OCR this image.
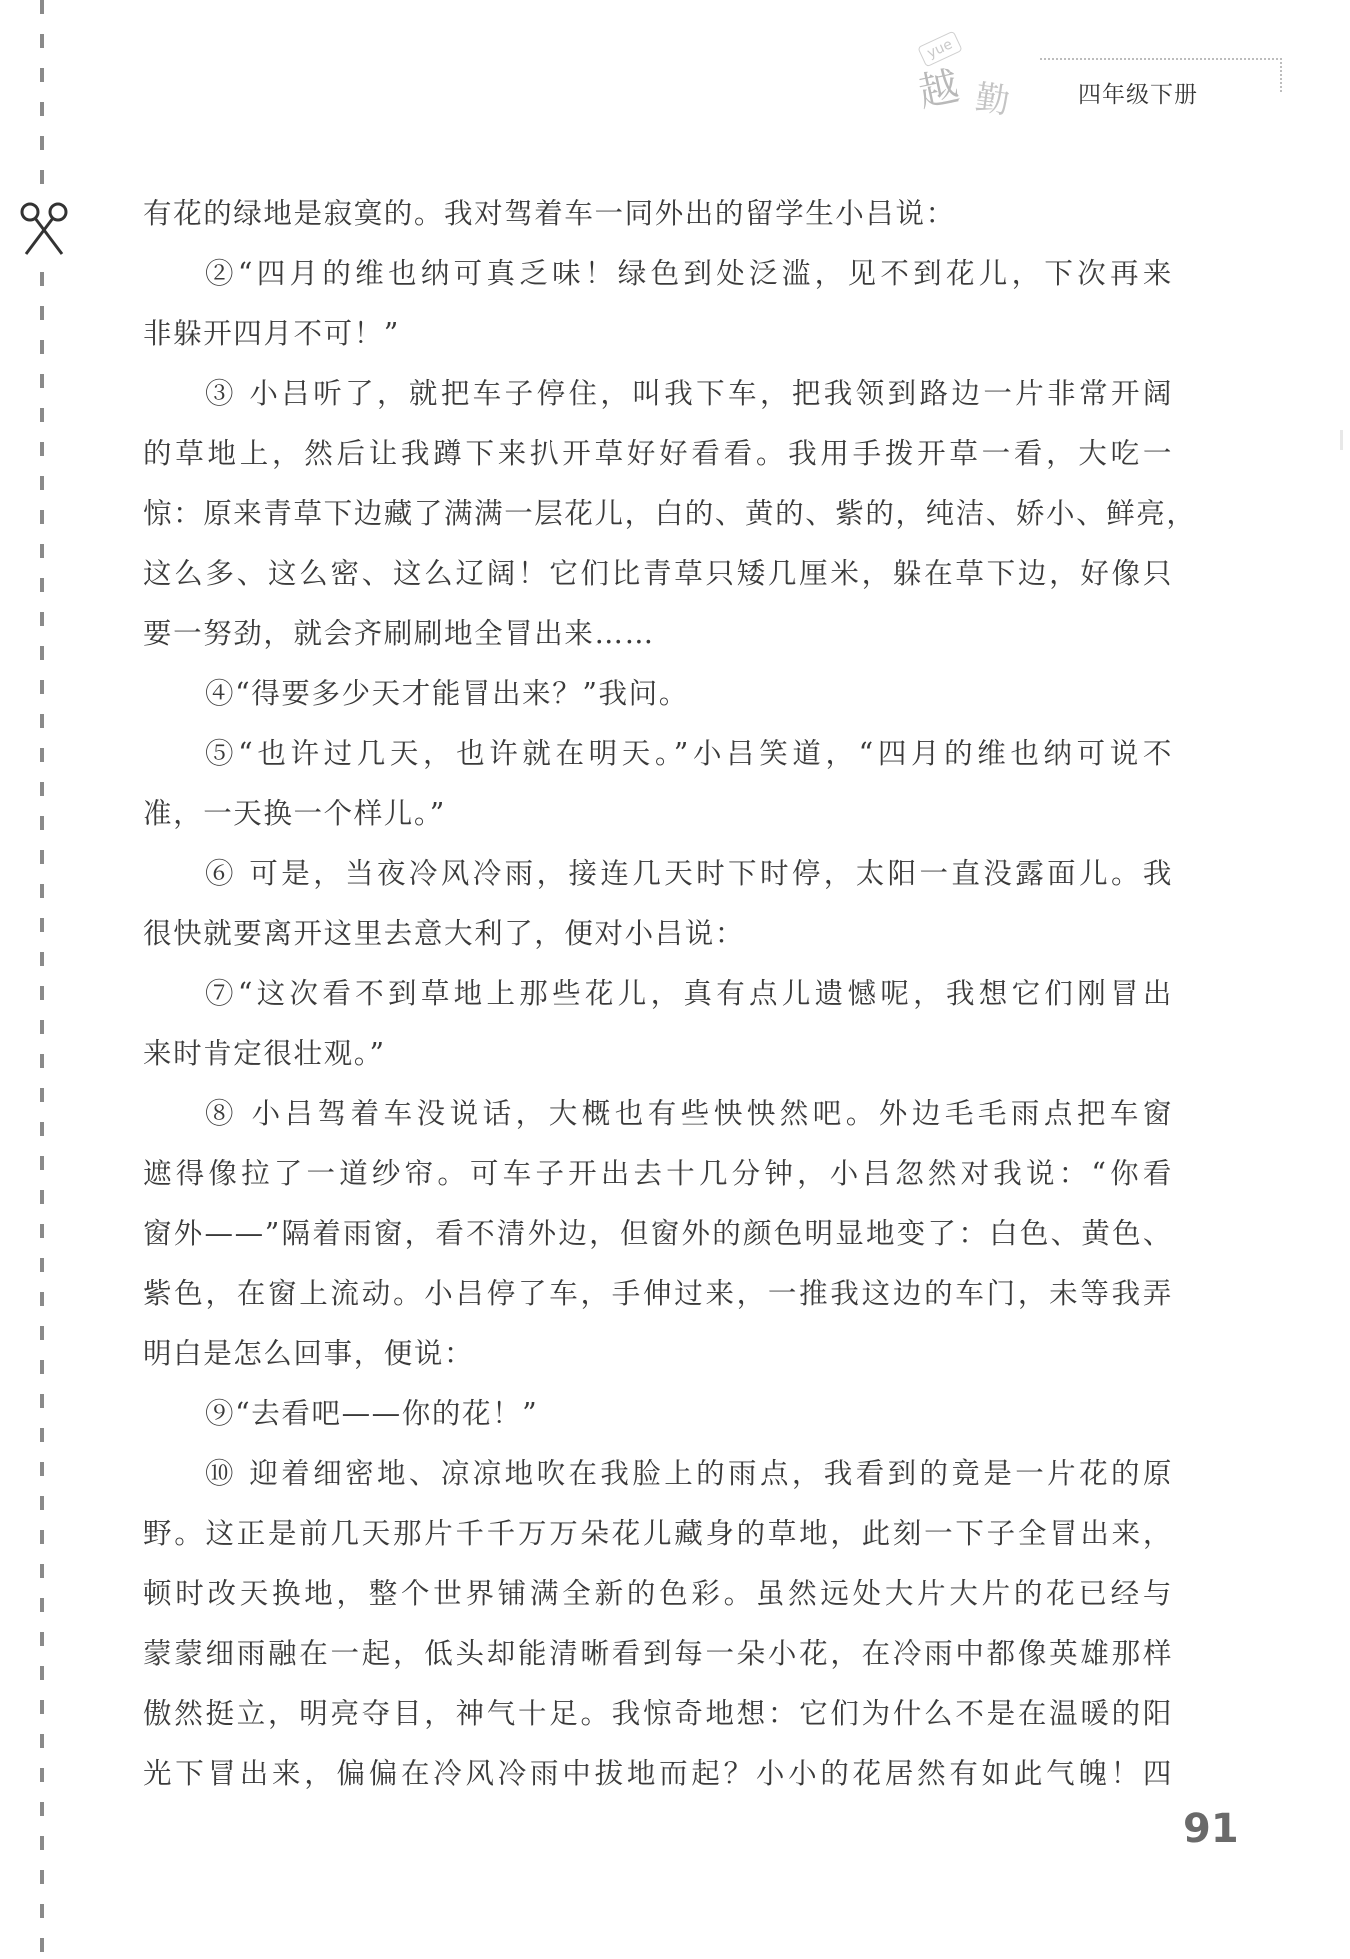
yue
越 勤	四年级下册
有花的绿地是寂寞的。我对驾着车一同外出的留学生小吕说：
②“四月的维也纳可真乏味！绿色到处泛滥，见不到花儿，下次再来
非躲开四月不可！”
③ 小吕听了，就把车子停住，叫我下车，把我领到路边一片非常开阔
的草地上，然后让我蹲下来扒开草好好看看。我用手拨开草一看，大吃一
惊：原来青草下边藏了满满一层花儿，白的、黄的、紫的，纯洁、娇小、鲜亮，
这么多、这么密、这么辽阔！它们比青草只矮几厘米，躲在草下边，好像只
要一努劲，就会齐刷刷地全冒出来……
④“得要多少天才能冒出来？”我问。
⑤“也许过几天，也许就在明天。”小吕笑道，“四月的维也纳可说不
准，一天换一个样儿。”
⑥ 可是，当夜冷风冷雨，接连几天时下时停，太阳一直没露面儿。我
很快就要离开这里去意大利了，便对小吕说：
⑦“这次看不到草地上那些花儿，真有点儿遗憾呢，我想它们刚冒出
来时肯定很壮观。”
⑧ 小吕驾着车没说话，大概也有些怏怏然吧。外边毛毛雨点把车窗
遮得像拉了一道纱帘。可车子开出去十几分钟，小吕忽然对我说：“你看
窗外——”隔着雨窗，看不清外边，但窗外的颜色明显地变了：白色、黄色、
紫色，在窗上流动。小吕停了车，手伸过来，一推我这边的车门，未等我弄
明白是怎么回事，便说：
⑨“去看吧——你的花！”
⑩ 迎着细密地、凉凉地吹在我脸上的雨点，我看到的竟是一片花的原
野。这正是前几天那片千千万万朵花儿藏身的草地，此刻一下子全冒出来，
顿时改天换地，整个世界铺满全新的色彩。虽然远处大片大片的花已经与
蒙蒙细雨融在一起，低头却能清晰看到每一朵小花，在冷雨中都像英雄那样
傲然挺立，明亮夺目，神气十足。我惊奇地想：它们为什么不是在温暖的阳
光下冒出来，偏偏在冷风冷雨中拔地而起？小小的花居然有如此气魄！四
91
